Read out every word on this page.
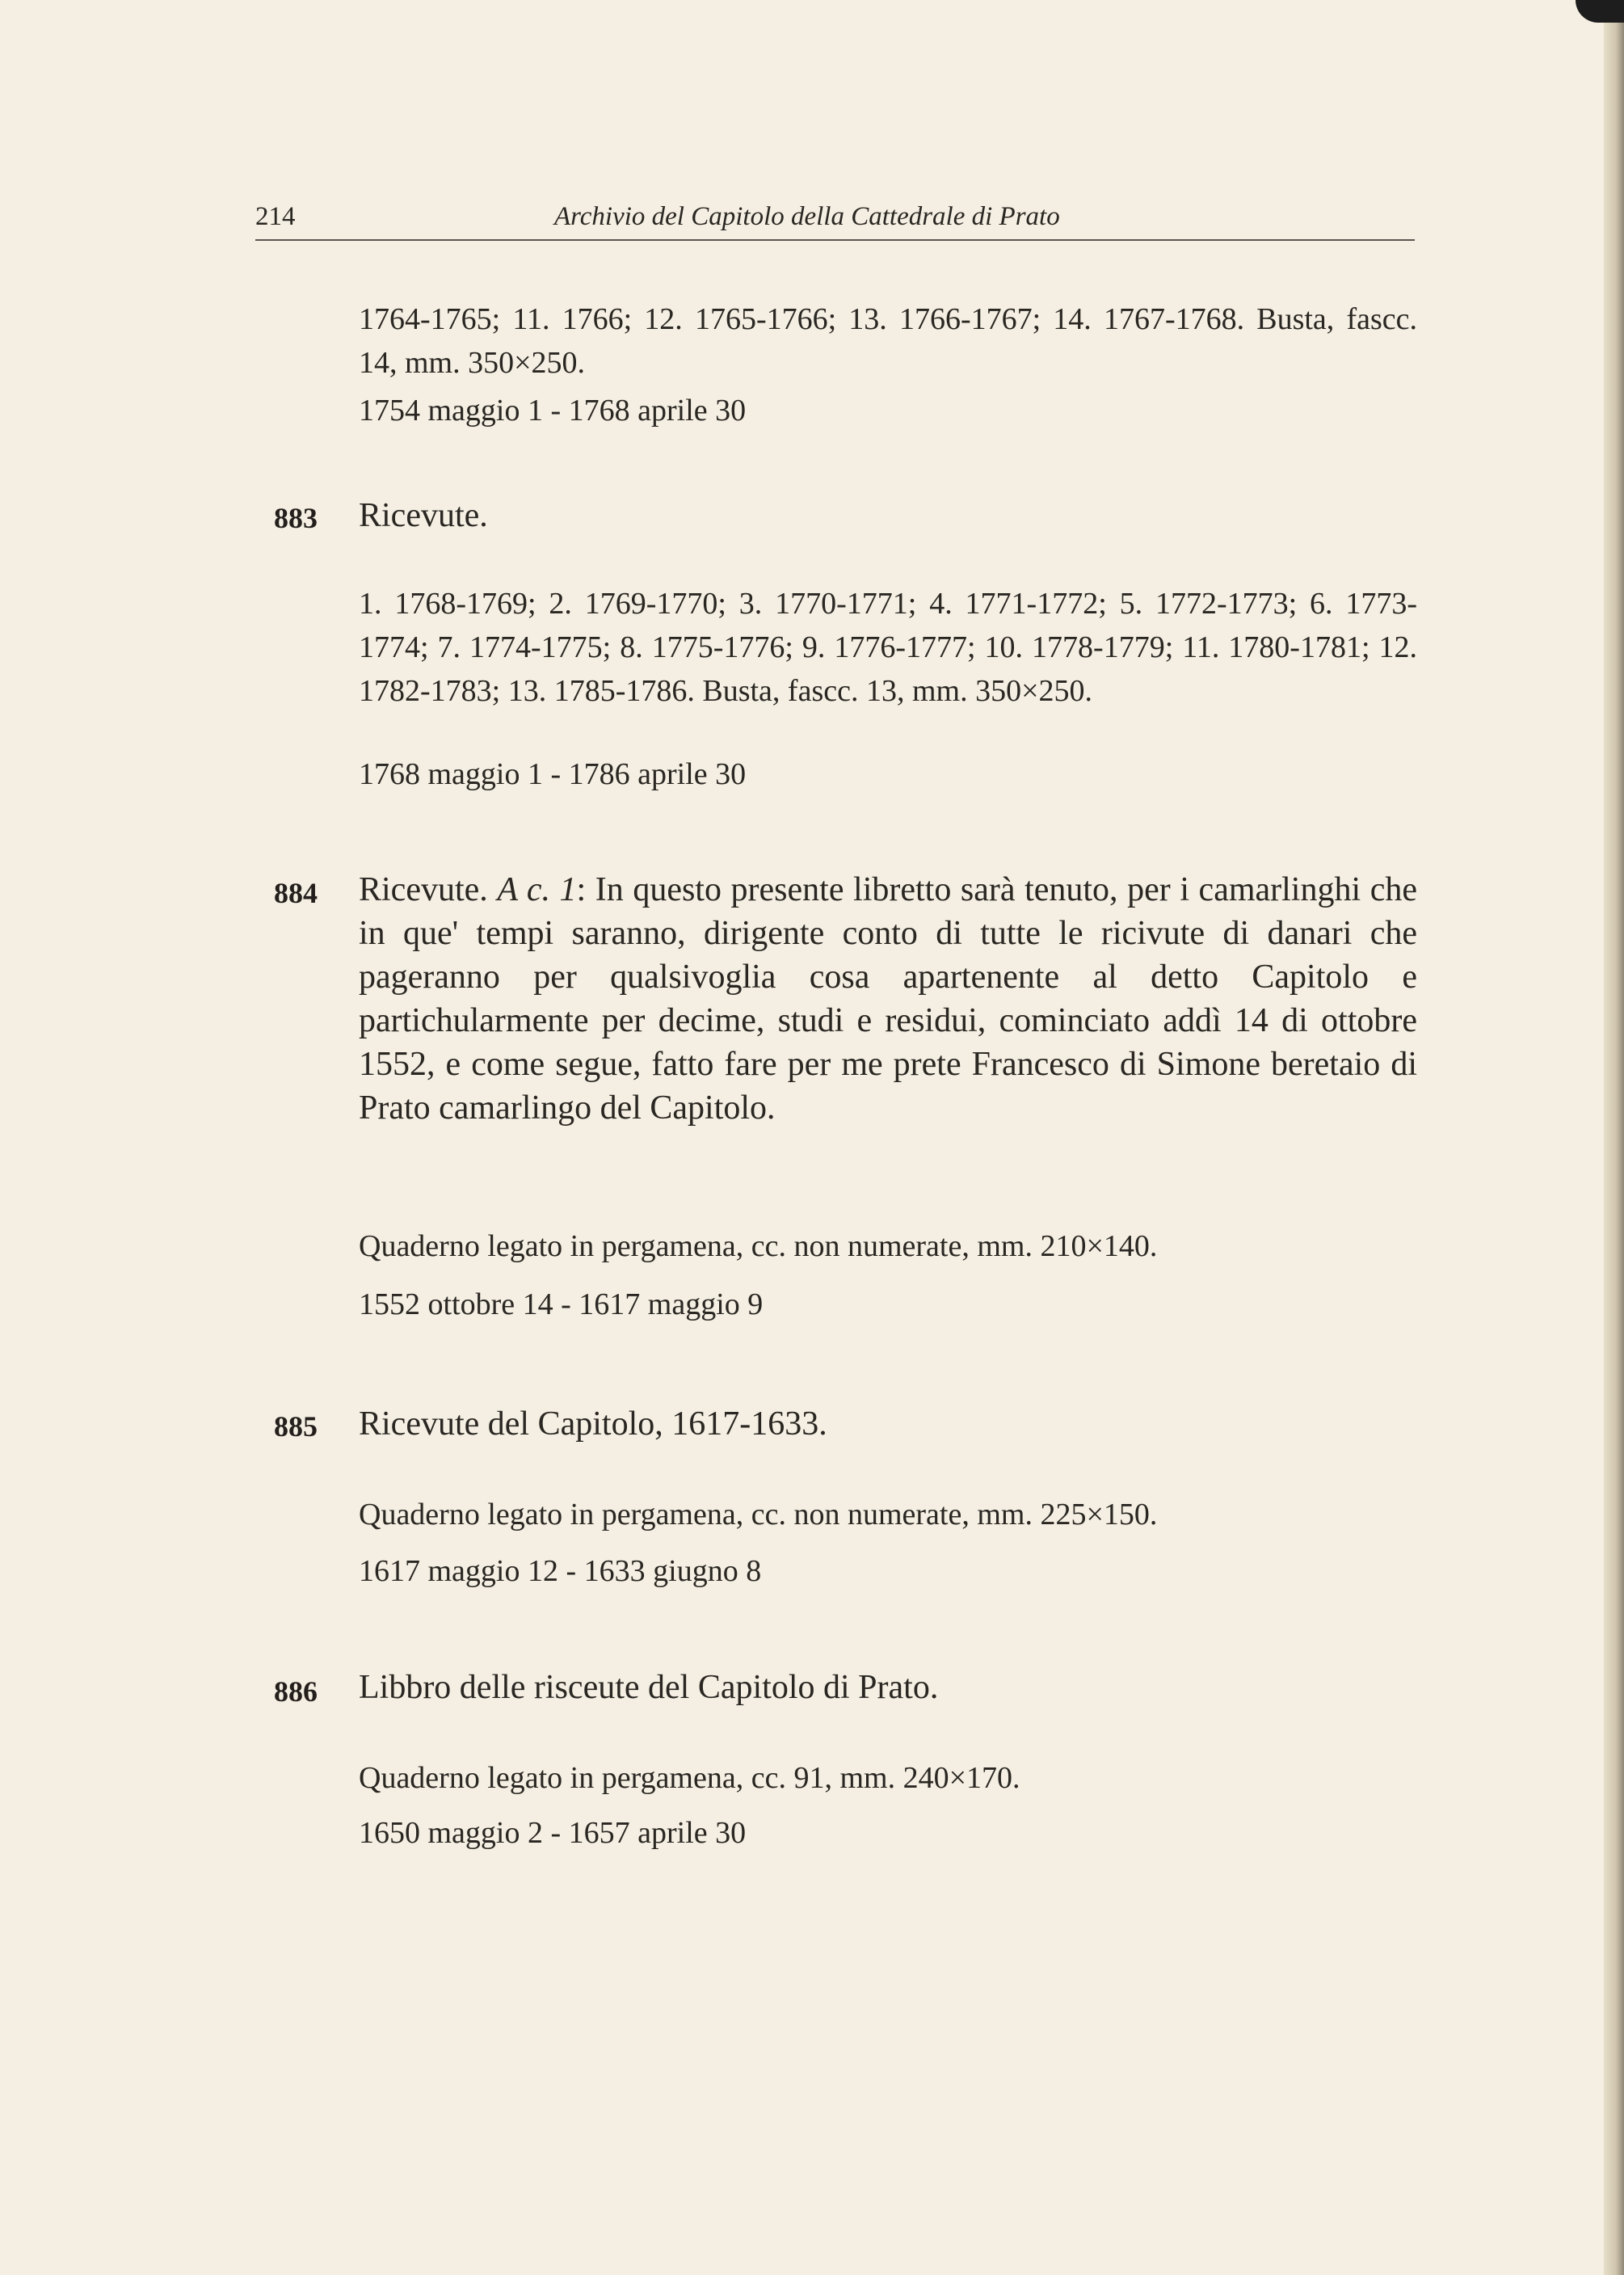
214	Archivio del Capitolo della Cattedrale di Prato
1764-1765; 11. 1766; 12. 1765-1766; 13. 1766-1767; 14. 1767-1768. Busta, fascc. 14, mm. 350×250.
1754 maggio 1 - 1768 aprile 30
883 Ricevute.
1. 1768-1769; 2. 1769-1770; 3. 1770-1771; 4. 1771-1772; 5. 1772-1773; 6. 1773-1774; 7. 1774-1775; 8. 1775-1776; 9. 1776-1777; 10. 1778-1779; 11. 1780-1781; 12. 1782-1783; 13. 1785-1786. Busta, fascc. 13, mm. 350×250.
1768 maggio 1 - 1786 aprile 30
884 Ricevute. A c. 1: In questo presente libretto sarà tenuto, per i camarlinghi che in que' tempi saranno, dirigente conto di tutte le ricivute di danari che pageranno per qualsivoglia cosa apartenente al detto Capitolo e partichularmente per decime, studi e residui, cominciato addì 14 di ottobre 1552, e come segue, fatto fare per me prete Francesco di Simone beretaio di Prato camarlingo del Capitolo.
Quaderno legato in pergamena, cc. non numerate, mm. 210×140.
1552 ottobre 14 - 1617 maggio 9
885 Ricevute del Capitolo, 1617-1633.
Quaderno legato in pergamena, cc. non numerate, mm. 225×150.
1617 maggio 12 - 1633 giugno 8
886 Libbro delle risceute del Capitolo di Prato.
Quaderno legato in pergamena, cc. 91, mm. 240×170.
1650 maggio 2 - 1657 aprile 30
